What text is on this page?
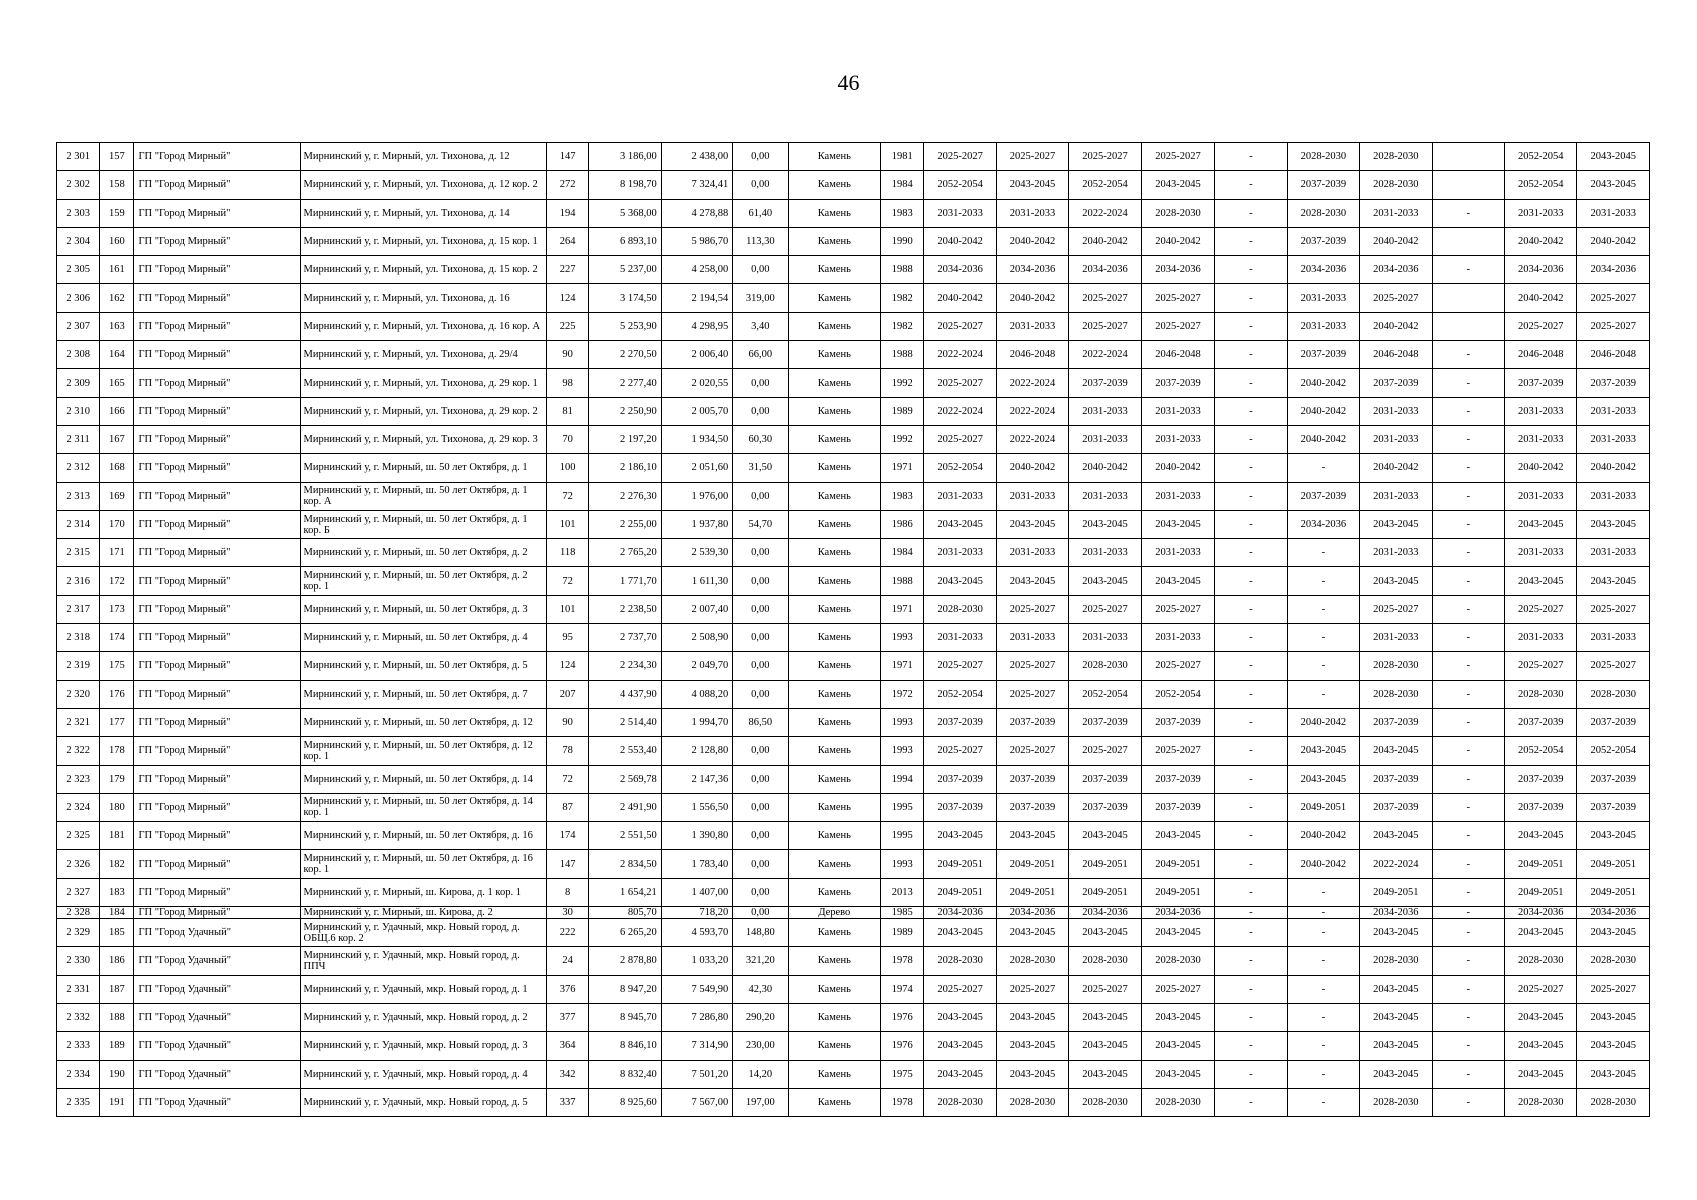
46
2 301	157	ГП "Город Мирный"	Мирнинский у, г. Мирный, ул. Тихонова, д. 12	147	3 186,00	2 438,00	0,00	Камень	1981	2025-2027	2025-2027	2025-2027	2025-2027	-	2028-2030	2028-2030		2052-2054	2043-2045
2 302	158	ГП "Город Мирный"	Мирнинский у, г. Мирный, ул. Тихонова, д. 12 кор. 2	272	8 198,70	7 324,41	0,00	Камень	1984	2052-2054	2043-2045	2052-2054	2043-2045	-	2037-2039	2028-2030		2052-2054	2043-2045
2 303	159	ГП "Город Мирный"	Мирнинский у, г. Мирный, ул. Тихонова, д. 14	194	5 368,00	4 278,88	61,40	Камень	1983	2031-2033	2031-2033	2022-2024	2028-2030	-	2028-2030	2031-2033	-	2031-2033	2031-2033
2 304	160	ГП "Город Мирный"	Мирнинский у, г. Мирный, ул. Тихонова, д. 15 кор. 1	264	6 893,10	5 986,70	113,30	Камень	1990	2040-2042	2040-2042	2040-2042	2040-2042	-	2037-2039	2040-2042		2040-2042	2040-2042
2 305	161	ГП "Город Мирный"	Мирнинский у, г. Мирный, ул. Тихонова, д. 15 кор. 2	227	5 237,00	4 258,00	0,00	Камень	1988	2034-2036	2034-2036	2034-2036	2034-2036	-	2034-2036	2034-2036	-	2034-2036	2034-2036
2 306	162	ГП "Город Мирный"	Мирнинский у, г. Мирный, ул. Тихонова, д. 16	124	3 174,50	2 194,54	319,00	Камень	1982	2040-2042	2040-2042	2025-2027	2025-2027	-	2031-2033	2025-2027		2040-2042	2025-2027
2 307	163	ГП "Город Мирный"	Мирнинский у, г. Мирный, ул. Тихонова, д. 16 кор. А	225	5 253,90	4 298,95	3,40	Камень	1982	2025-2027	2031-2033	2025-2027	2025-2027	-	2031-2033	2040-2042		2025-2027	2025-2027
2 308	164	ГП "Город Мирный"	Мирнинский у, г. Мирный, ул. Тихонова, д. 29/4	90	2 270,50	2 006,40	66,00	Камень	1988	2022-2024	2046-2048	2022-2024	2046-2048	-	2037-2039	2046-2048	-	2046-2048	2046-2048
2 309	165	ГП "Город Мирный"	Мирнинский у, г. Мирный, ул. Тихонова, д. 29 кор. 1	98	2 277,40	2 020,55	0,00	Камень	1992	2025-2027	2022-2024	2037-2039	2037-2039	-	2040-2042	2037-2039	-	2037-2039	2037-2039
2 310	166	ГП "Город Мирный"	Мирнинский у, г. Мирный, ул. Тихонова, д. 29 кор. 2	81	2 250,90	2 005,70	0,00	Камень	1989	2022-2024	2022-2024	2031-2033	2031-2033	-	2040-2042	2031-2033	-	2031-2033	2031-2033
2 311	167	ГП "Город Мирный"	Мирнинский у, г. Мирный, ул. Тихонова, д. 29 кор. 3	70	2 197,20	1 934,50	60,30	Камень	1992	2025-2027	2022-2024	2031-2033	2031-2033	-	2040-2042	2031-2033	-	2031-2033	2031-2033
2 312	168	ГП "Город Мирный"	Мирнинский у, г. Мирный, ш. 50 лет Октября, д. 1	100	2 186,10	2 051,60	31,50	Камень	1971	2052-2054	2040-2042	2040-2042	2040-2042	-	-	2040-2042	-	2040-2042	2040-2042
2 313	169	ГП "Город Мирный"	Мирнинский у, г. Мирный, ш. 50 лет Октября, д. 1 кор. А	72	2 276,30	1 976,00	0,00	Камень	1983	2031-2033	2031-2033	2031-2033	2031-2033	-	2037-2039	2031-2033	-	2031-2033	2031-2033
2 314	170	ГП "Город Мирный"	Мирнинский у, г. Мирный, ш. 50 лет Октября, д. 1 кор. Б	101	2 255,00	1 937,80	54,70	Камень	1986	2043-2045	2043-2045	2043-2045	2043-2045	-	2034-2036	2043-2045	-	2043-2045	2043-2045
2 315	171	ГП "Город Мирный"	Мирнинский у, г. Мирный, ш. 50 лет Октября, д. 2	118	2 765,20	2 539,30	0,00	Камень	1984	2031-2033	2031-2033	2031-2033	2031-2033	-	-	2031-2033	-	2031-2033	2031-2033
2 316	172	ГП "Город Мирный"	Мирнинский у, г. Мирный, ш. 50 лет Октября, д. 2 кор. 1	72	1 771,70	1 611,30	0,00	Камень	1988	2043-2045	2043-2045	2043-2045	2043-2045	-	-	2043-2045	-	2043-2045	2043-2045
2 317	173	ГП "Город Мирный"	Мирнинский у, г. Мирный, ш. 50 лет Октября, д. 3	101	2 238,50	2 007,40	0,00	Камень	1971	2028-2030	2025-2027	2025-2027	2025-2027	-	-	2025-2027	-	2025-2027	2025-2027
2 318	174	ГП "Город Мирный"	Мирнинский у, г. Мирный, ш. 50 лет Октября, д. 4	95	2 737,70	2 508,90	0,00	Камень	1993	2031-2033	2031-2033	2031-2033	2031-2033	-	-	2031-2033	-	2031-2033	2031-2033
2 319	175	ГП "Город Мирный"	Мирнинский у, г. Мирный, ш. 50 лет Октября, д. 5	124	2 234,30	2 049,70	0,00	Камень	1971	2025-2027	2025-2027	2028-2030	2025-2027	-	-	2028-2030	-	2025-2027	2025-2027
2 320	176	ГП "Город Мирный"	Мирнинский у, г. Мирный, ш. 50 лет Октября, д. 7	207	4 437,90	4 088,20	0,00	Камень	1972	2052-2054	2025-2027	2052-2054	2052-2054	-	-	2028-2030	-	2028-2030	2028-2030
2 321	177	ГП "Город Мирный"	Мирнинский у, г. Мирный, ш. 50 лет Октября, д. 12	90	2 514,40	1 994,70	86,50	Камень	1993	2037-2039	2037-2039	2037-2039	2037-2039	-	2040-2042	2037-2039	-	2037-2039	2037-2039
2 322	178	ГП "Город Мирный"	Мирнинский у, г. Мирный, ш. 50 лет Октября, д. 12 кор. 1	78	2 553,40	2 128,80	0,00	Камень	1993	2025-2027	2025-2027	2025-2027	2025-2027	-	2043-2045	2043-2045	-	2052-2054	2052-2054
2 323	179	ГП "Город Мирный"	Мирнинский у, г. Мирный, ш. 50 лет Октября, д. 14	72	2 569,78	2 147,36	0,00	Камень	1994	2037-2039	2037-2039	2037-2039	2037-2039	-	2043-2045	2037-2039	-	2037-2039	2037-2039
2 324	180	ГП "Город Мирный"	Мирнинский у, г. Мирный, ш. 50 лет Октября, д. 14 кор. 1	87	2 491,90	1 556,50	0,00	Камень	1995	2037-2039	2037-2039	2037-2039	2037-2039	-	2049-2051	2037-2039	-	2037-2039	2037-2039
2 325	181	ГП "Город Мирный"	Мирнинский у, г. Мирный, ш. 50 лет Октября, д. 16	174	2 551,50	1 390,80	0,00	Камень	1995	2043-2045	2043-2045	2043-2045	2043-2045	-	2040-2042	2043-2045	-	2043-2045	2043-2045
2 326	182	ГП "Город Мирный"	Мирнинский у, г. Мирный, ш. 50 лет Октября, д. 16 кор. 1	147	2 834,50	1 783,40	0,00	Камень	1993	2049-2051	2049-2051	2049-2051	2049-2051	-	2040-2042	2022-2024	-	2049-2051	2049-2051
2 327	183	ГП "Город Мирный"	Мирнинский у, г. Мирный, ш. Кирова, д. 1 кор. 1	8	1 654,21	1 407,00	0,00	Камень	2013	2049-2051	2049-2051	2049-2051	2049-2051	-	-	2049-2051	-	2049-2051	2049-2051
2 328	184	ГП "Город Мирный"	Мирнинский у, г. Мирный, ш. Кирова, д. 2	30	805,70	718,20	0,00	Дерево	1985	2034-2036	2034-2036	2034-2036	2034-2036	-	-	2034-2036	-	2034-2036	2034-2036
2 329	185	ГП "Город Удачный"	Мирнинский у, г. Удачный, мкр. Новый город, д. ОБЩ.6 кор. 2	222	6 265,20	4 593,70	148,80	Камень	1989	2043-2045	2043-2045	2043-2045	2043-2045	-	-	2043-2045	-	2043-2045	2043-2045
2 330	186	ГП "Город Удачный"	Мирнинский у, г. Удачный, мкр. Новый город, д. ППЧ	24	2 878,80	1 033,20	321,20	Камень	1978	2028-2030	2028-2030	2028-2030	2028-2030	-	-	2028-2030	-	2028-2030	2028-2030
2 331	187	ГП "Город Удачный"	Мирнинский у, г. Удачный, мкр. Новый город, д. 1	376	8 947,20	7 549,90	42,30	Камень	1974	2025-2027	2025-2027	2025-2027	2025-2027	-	-	2043-2045	-	2025-2027	2025-2027
2 332	188	ГП "Город Удачный"	Мирнинский у, г. Удачный, мкр. Новый город, д. 2	377	8 945,70	7 286,80	290,20	Камень	1976	2043-2045	2043-2045	2043-2045	2043-2045	-	-	2043-2045	-	2043-2045	2043-2045
2 333	189	ГП "Город Удачный"	Мирнинский у, г. Удачный, мкр. Новый город, д. 3	364	8 846,10	7 314,90	230,00	Камень	1976	2043-2045	2043-2045	2043-2045	2043-2045	-	-	2043-2045	-	2043-2045	2043-2045
2 334	190	ГП "Город Удачный"	Мирнинский у, г. Удачный, мкр. Новый город, д. 4	342	8 832,40	7 501,20	14,20	Камень	1975	2043-2045	2043-2045	2043-2045	2043-2045	-	-	2043-2045	-	2043-2045	2043-2045
2 335	191	ГП "Город Удачный"	Мирнинский у, г. Удачный, мкр. Новый город, д. 5	337	8 925,60	7 567,00	197,00	Камень	1978	2028-2030	2028-2030	2028-2030	2028-2030	-	-	2028-2030	-	2028-2030	2028-2030
